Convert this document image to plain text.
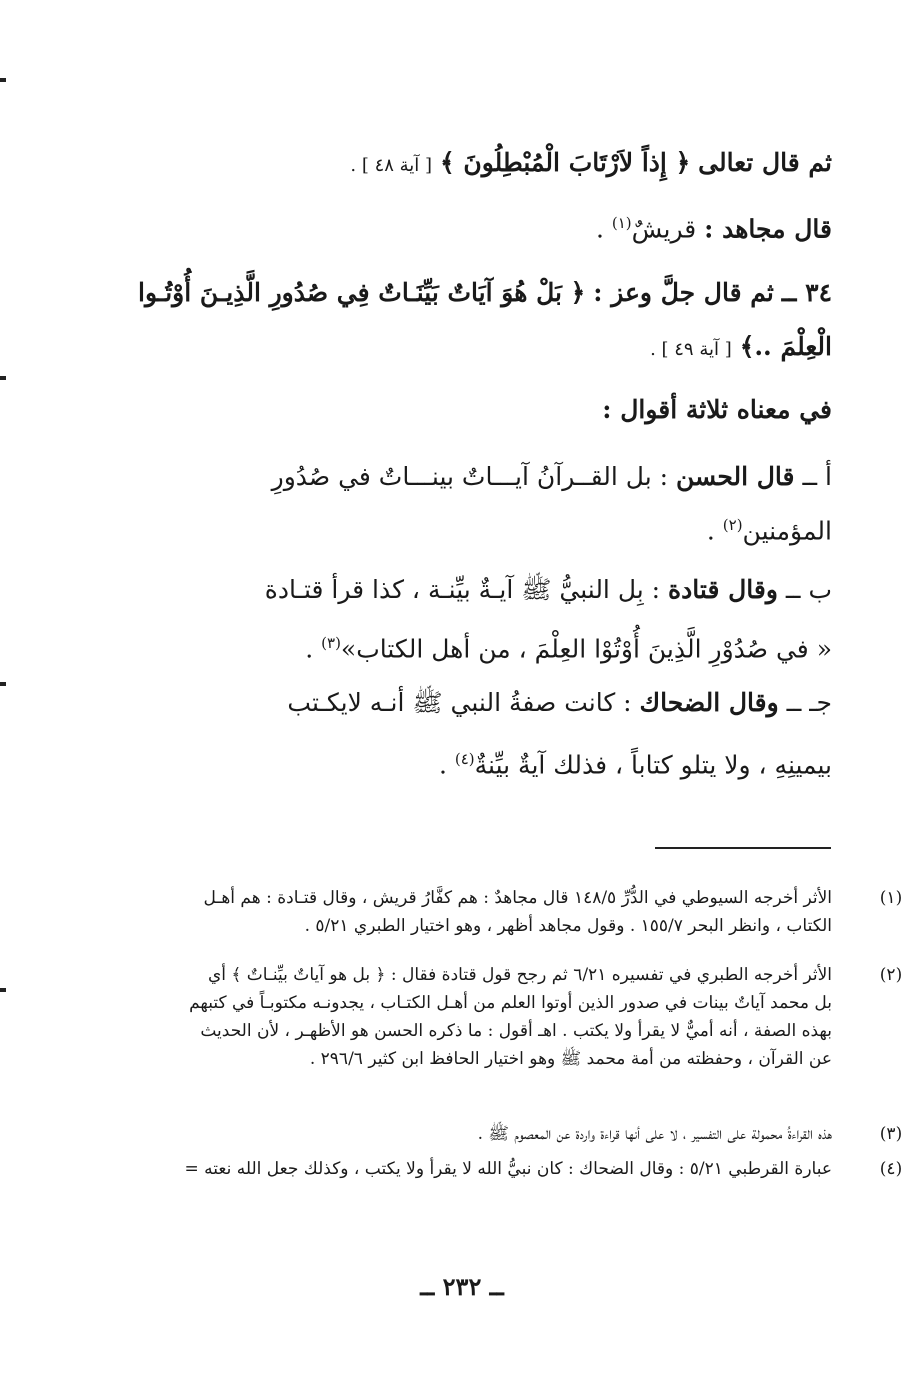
ثم قال تعالى ﴿ إِذاً لاَرْتَابَ الْمُبْطِلُونَ ﴾ [ آية ٤٨ ] .
قال مجاهد : قريشٌ$^{(١)}$ .
٣٤ ــ ثم قال جلَّ وعز : ﴿ بَلْ هُوَ آيَاتٌ بَيِّنَـاتٌ فِي صُدُورِ الَّذِيـنَ أُوْتُـوا
الْعِلْمَ ..﴾ [ آية ٤٩ ] .
في معناه ثلاثة أقوال :
أ ــ قال الحسن : بل القــرآنُ آيـــاتٌ بينـــاتٌ في صُدُورِ
المؤمنين$^{(٢)}$ .
ب ــ وقال قتادة : بِل النبيُّ ﷺ آيـةٌ بيِّنـة ، كذا قرأ قتـادة
« في صُدُوْرِ الَّذِينَ أُوْتُوْا العِلْمَ ، من أهل الكتاب»$^{(٣)}$ .
جـ ــ وقال الضحاك : كانت صفةُ النبي ﷺ أنـه لايكـتب
بيمينِهِ ، ولا يتلو كتاباً ، فذلك آيةٌ بيِّنةٌ$^{(٤)}$ .
(١)
الأثر أخرجه السيوطي في الدُّرِّ ١٤٨/٥ قال مجاهدٌ : هم كفَّارُ قريش ، وقال قتـادة : هم أهـل
الكتاب ، وانظر البحر ١٥٥/٧ . وقول مجاهد أظهر ، وهو اختيار الطبري ٥/٢١ .
(٢)
الأثر أخرجه الطبري في تفسيره ٦/٢١ ثم رجح قول قتادة فقال : ﴿ بل هو آياتٌ بيِّنـاتٌ ﴾ أي
بل محمد آياتٌ بينات في صدور الذين أوتوا العلم من أهـل الكتـاب ، يجدونـه مكتوبـاً في كتبهم
بهذه الصفة ، أنه أميٌّ لا يقرأ ولا يكتب . اهـ أقول : ما ذكره الحسن هو الأظهـر ، لأن الحديث
عن القرآن ، وحفظته من أمة محمد ﷺ وهو اختيار الحافظ ابن كثير ٢٩٦/٦ .
(٣)
هذه القراءةُ محمولة على التفسير ، لا على أنها قراءة واردة عن المعصوم ﷺ .
(٤)
عبارة القرطبي ٥/٢١ : وقال الضحاك : كان نبيُّ الله لا يقرأ ولا يكتب ، وكذلك جعل الله نعته =
ــ ٢٣٢ ــ
